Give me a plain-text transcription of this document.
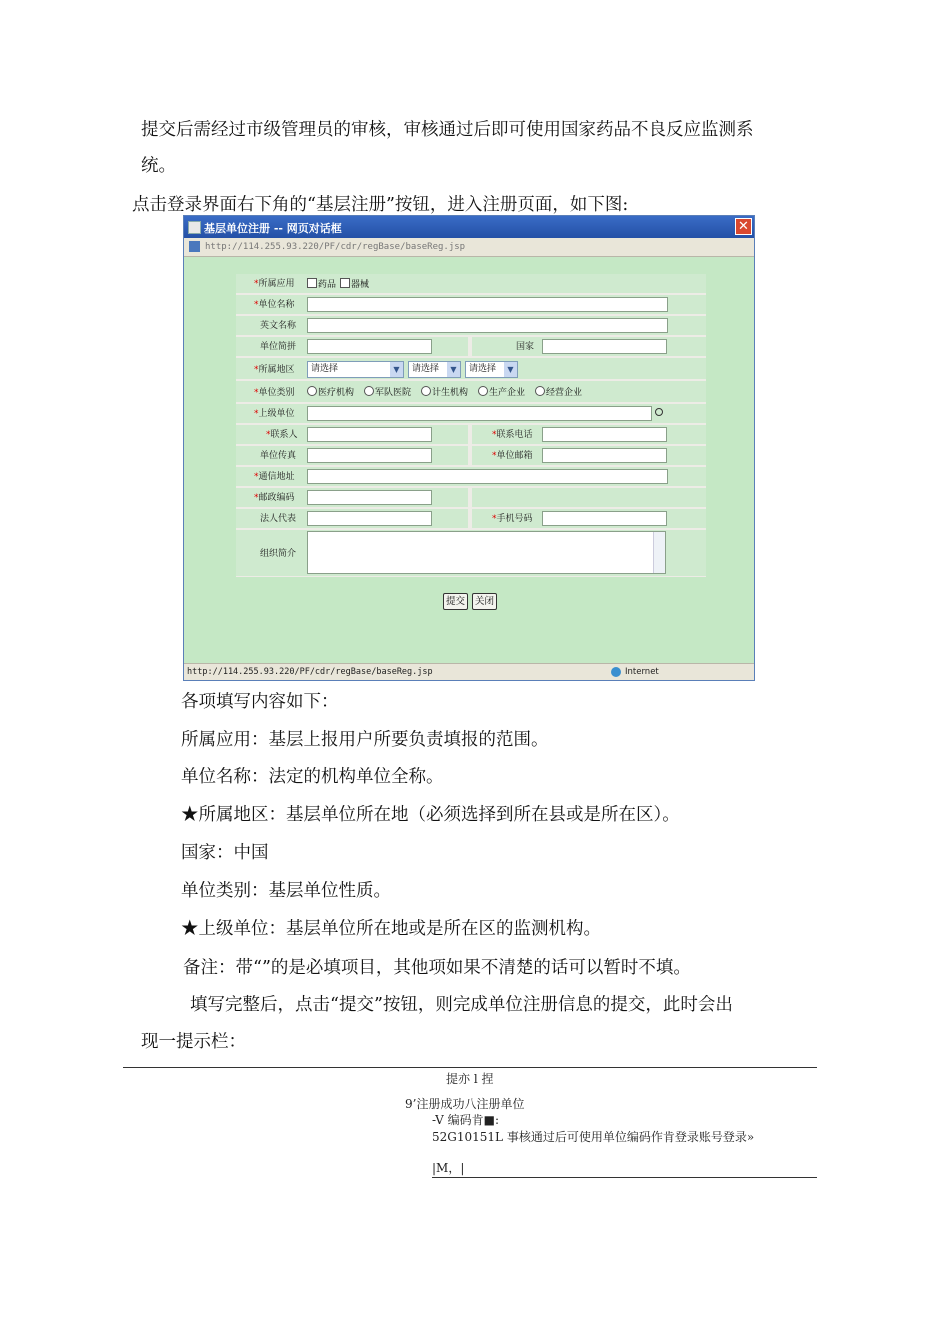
提交后需经过市级管理员的审核，审核通过后即可使用国家药品不良反应监测系
统。
点击登录界面右下角的“基层注册”按钮，进入注册页面，如下图:
基层单位注册 -- 网页对话框	✕
http://114.255.93.220/PF/cdr/regBase/baseReg.jsp
*所属应用	药品	器械
*单位名称
英文名称
单位简拼	国家
*所属地区	请选择	▼	请选择	▼	请选择	▼
*单位类别	医疗机构	军队医院	计生机构	生产企业	经营企业
*上级单位
*联系人	*联系电话
单位传真	*单位邮箱
*通信地址
*邮政编码
法人代表	*手机号码
组织简介
提交	关闭
http://114.255.93.220/PF/cdr/regBase/baseReg.jsp	Internet
各项填写内容如下：
所属应用：基层上报用户所要负责填报的范围。
单位名称：法定的机构单位全称。
★所属地区：基层单位所在地（必须选择到所在县或是所在区）。
国家：中国
单位类别：基层单位性质。
★上级单位：基层单位所在地或是所在区的监测机构。
备注：带“”的是必填项目，其他项如果不清楚的话可以暂时不填。
填写完整后，点击“提交”按钮，则完成单位注册信息的提交，此时会出
现一提示栏：
提亦 l 捏
9’注册成功八注册单位
-V 编码肯■:
52G10151L 事核通过后可使用单位编码作肯登录账号登录»
|M，|
